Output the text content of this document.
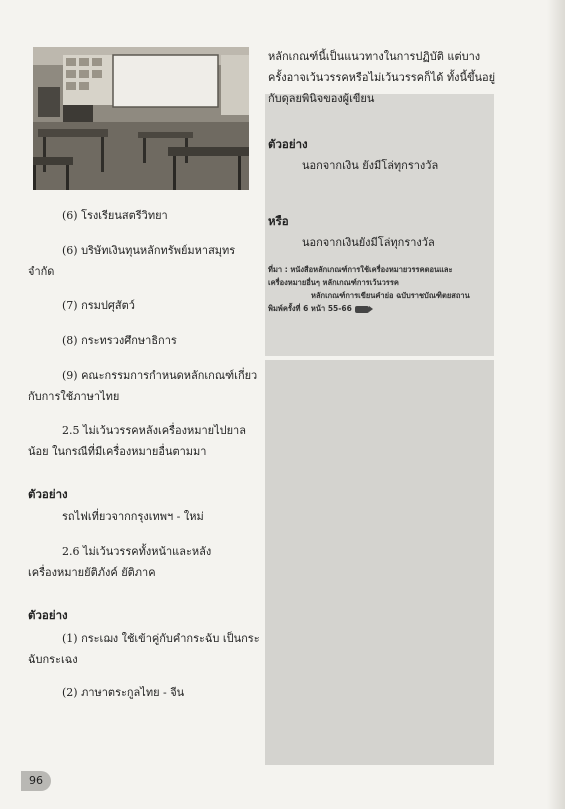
(6) โรงเรียนสตรีวิทยา

(6) บริษัทเงินทุนหลักทรัพย์มหาสมุทร จำกัด

(7) กรมปศุสัตว์

(8) กระทรวงศึกษาธิการ

(9) คณะกรรมการกำหนดหลักเกณฑ์เกี่ยวกับการใช้ภาษาไทย

2.5 ไม่เว้นวรรคหลังเครื่องหมายไปยาลน้อย ในกรณีที่มีเครื่องหมายอื่นตามมา

ตัวอย่าง

รถไฟเที่ยวจากกรุงเทพฯ - ใหม่

2.6 ไม่เว้นวรรคทั้งหน้าและหลังเครื่องหมายยัติภังค์ ยัติภาค

ตัวอย่าง

(1) กระเฌง ใช้เข้าคู่กับคำกระฉับ เป็นกระฉับกระเฉง

(2) ภาษาตระกูลไทย - จีน

หลักเกณฑ์นี้เป็นแนวทางในการปฏิบัติ แต่บางครั้งอาจเว้นวรรคหรือไม่เว้นวรรคก็ได้ ทั้งนี้ขึ้นอยู่กับดุลยพินิจของผู้เขียน
ตัวอย่าง
นอกจากเงิน ยังมีโล่ทุกรางวัล
หรือ
นอกจากเงินยังมีโล่ทุกรางวัล
ที่มา : หนังสือหลักเกณฑ์การใช้เครื่องหมายวรรคตอนและ
เครื่องหมายอื่นๆ หลักเกณฑ์การเว้นวรรค
หลักเกณฑ์การเขียนคำย่อ ฉบับราชบัณฑิตยสถาน
พิมพ์ครั้งที่ 6 หน้า 55-66
96
